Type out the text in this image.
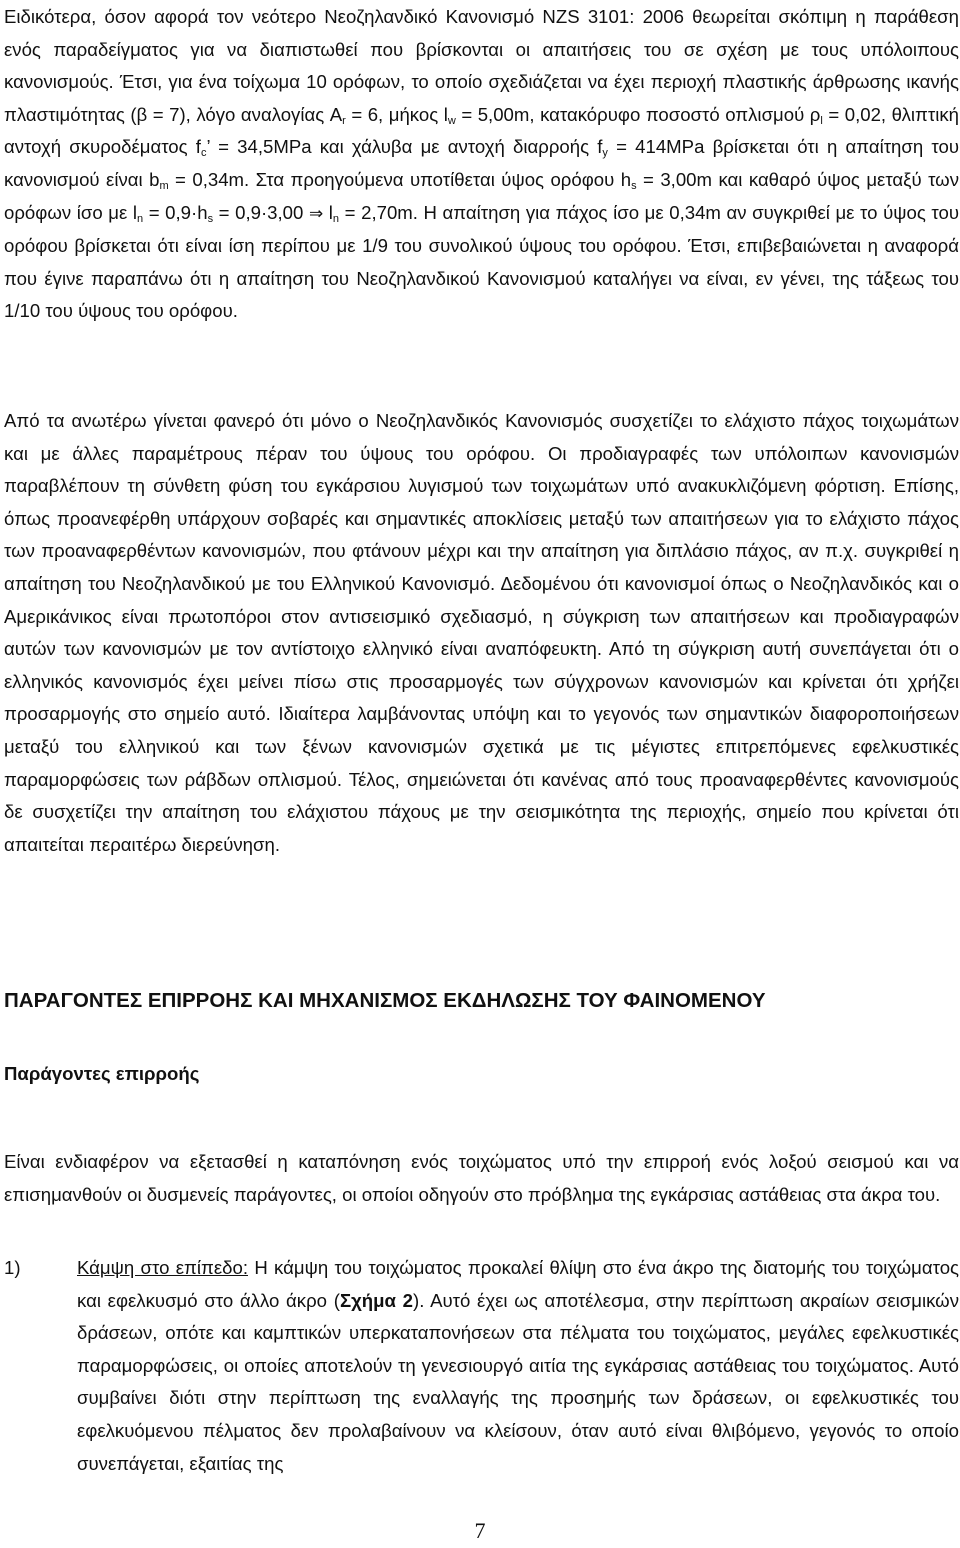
Ειδικότερα, όσον αφορά τον νεότερο Νεοζηλανδικό Κανονισμό NZS 3101: 2006 θεωρείται σκόπιμη η παράθεση ενός παραδείγματος για να διαπιστωθεί που βρίσκονται οι απαιτήσεις του σε σχέση με τους υπόλοιπους κανονισμούς. Έτσι, για ένα τοίχωμα 10 ορόφων, το οποίο σχεδιάζεται να έχει περιοχή πλαστικής άρθρωσης ικανής πλαστιμότητας (β = 7), λόγο αναλογίας $A_r = 6$, μήκος $l_w = 5,00m$, κατακόρυφο ποσοστό οπλισμού $\rho_l = 0,02$, θλιπτική αντοχή σκυροδέματος $f_c$’ = 34,5MPa και χάλυβα με αντοχή διαρροής $f_y = 414MPa$ βρίσκεται ότι η απαίτηση του κανονισμού είναι $b_m = 0,34m$. Στα προηγούμενα υποτίθεται ύψος ορόφου $h_s = 3,00m$ και καθαρό ύψος μεταξύ των ορόφων ίσο με $l_n = 0,9\cdot h_s = 0,9\cdot 3,00$ ⇒ $l_n = 2,70m$. Η απαίτηση για πάχος ίσο με 0,34m αν συγκριθεί με το ύψος του ορόφου βρίσκεται ότι είναι ίση περίπου με 1/9 του συνολικού ύψους του ορόφου. Έτσι, επιβεβαιώνεται η αναφορά που έγινε παραπάνω ότι η απαίτηση του Νεοζηλανδικού Κανονισμού καταλήγει να είναι, εν γένει, της τάξεως του 1/10 του ύψους του ορόφου.

Από τα ανωτέρω γίνεται φανερό ότι μόνο ο Νεοζηλανδικός Κανονισμός συσχετίζει το ελάχιστο πάχος τοιχωμάτων και με άλλες παραμέτρους πέραν του ύψους του ορόφου. Οι προδιαγραφές των υπόλοιπων κανονισμών παραβλέπουν τη σύνθετη φύση του εγκάρσιου λυγισμού των τοιχωμάτων υπό ανακυκλιζόμενη φόρτιση. Επίσης, όπως προανεφέρθη υπάρχουν σοβαρές και σημαντικές αποκλίσεις μεταξύ των απαιτήσεων για το ελάχιστο πάχος των προαναφερθέντων κανονισμών, που φτάνουν μέχρι και την απαίτηση για διπλάσιο πάχος, αν π.χ. συγκριθεί η απαίτηση του Νεοζηλανδικού με του Ελληνικού Κανονισμό. Δεδομένου ότι κανονισμοί όπως ο Νεοζηλανδικός και ο Αμερικάνικος είναι πρωτοπόροι στον αντισεισμικό σχεδιασμό, η σύγκριση των απαιτήσεων και προδιαγραφών αυτών των κανονισμών με τον αντίστοιχο ελληνικό είναι αναπόφευκτη. Από τη σύγκριση αυτή συνεπάγεται ότι ο ελληνικός κανονισμός έχει μείνει πίσω στις προσαρμογές των σύγχρονων κανονισμών και κρίνεται ότι χρήζει προσαρμογής στο σημείο αυτό. Ιδιαίτερα λαμβάνοντας υπόψη και το γεγονός των σημαντικών διαφοροποιήσεων μεταξύ του ελληνικού και των ξένων κανονισμών σχετικά με τις μέγιστες επιτρεπόμενες εφελκυστικές παραμορφώσεις των ράβδων οπλισμού. Τέλος, σημειώνεται ότι κανένας από τους προαναφερθέντες κανονισμούς δε συσχετίζει την απαίτηση του ελάχιστου πάχους με την σεισμικότητα της περιοχής, σημείο που κρίνεται ότι απαιτείται περαιτέρω διερεύνηση.

ΠΑΡΑΓΟΝΤΕΣ ΕΠΙΡΡΟΗΣ ΚΑΙ ΜΗΧΑΝΙΣΜΟΣ ΕΚΔΗΛΩΣΗΣ ΤΟΥ ΦΑΙΝΟΜΕΝΟΥ
Παράγοντες επιρροής

Είναι ενδιαφέρον να εξετασθεί η καταπόνηση ενός τοιχώματος υπό την επιρροή ενός λοξού σεισμού και να επισημανθούν οι δυσμενείς παράγοντες, οι οποίοι οδηγούν στο πρόβλημα της εγκάρσιας αστάθειας στα άκρα του.

1)	Κάμψη στο επίπεδο: Η κάμψη του τοιχώματος προκαλεί θλίψη στο ένα άκρο της διατομής του τοιχώματος και εφελκυσμό στο άλλο άκρο (Σχήμα 2). Αυτό έχει ως αποτέλεσμα, στην περίπτωση ακραίων σεισμικών δράσεων, οπότε και καμπτικών υπερκαταπονήσεων στα πέλματα του τοιχώματος, μεγάλες εφελκυστικές παραμορφώσεις, οι οποίες αποτελούν τη γενεσιουργό αιτία της εγκάρσιας αστάθειας του τοιχώματος. Αυτό συμβαίνει διότι στην περίπτωση της εναλλαγής της προσημής των δράσεων, οι εφελκυστικές του εφελκυόμενου πέλματος δεν προλαβαίνουν να κλείσουν, όταν αυτό είναι θλιβόμενο, γεγονός το οποίο συνεπάγεται, εξαιτίας της

7
